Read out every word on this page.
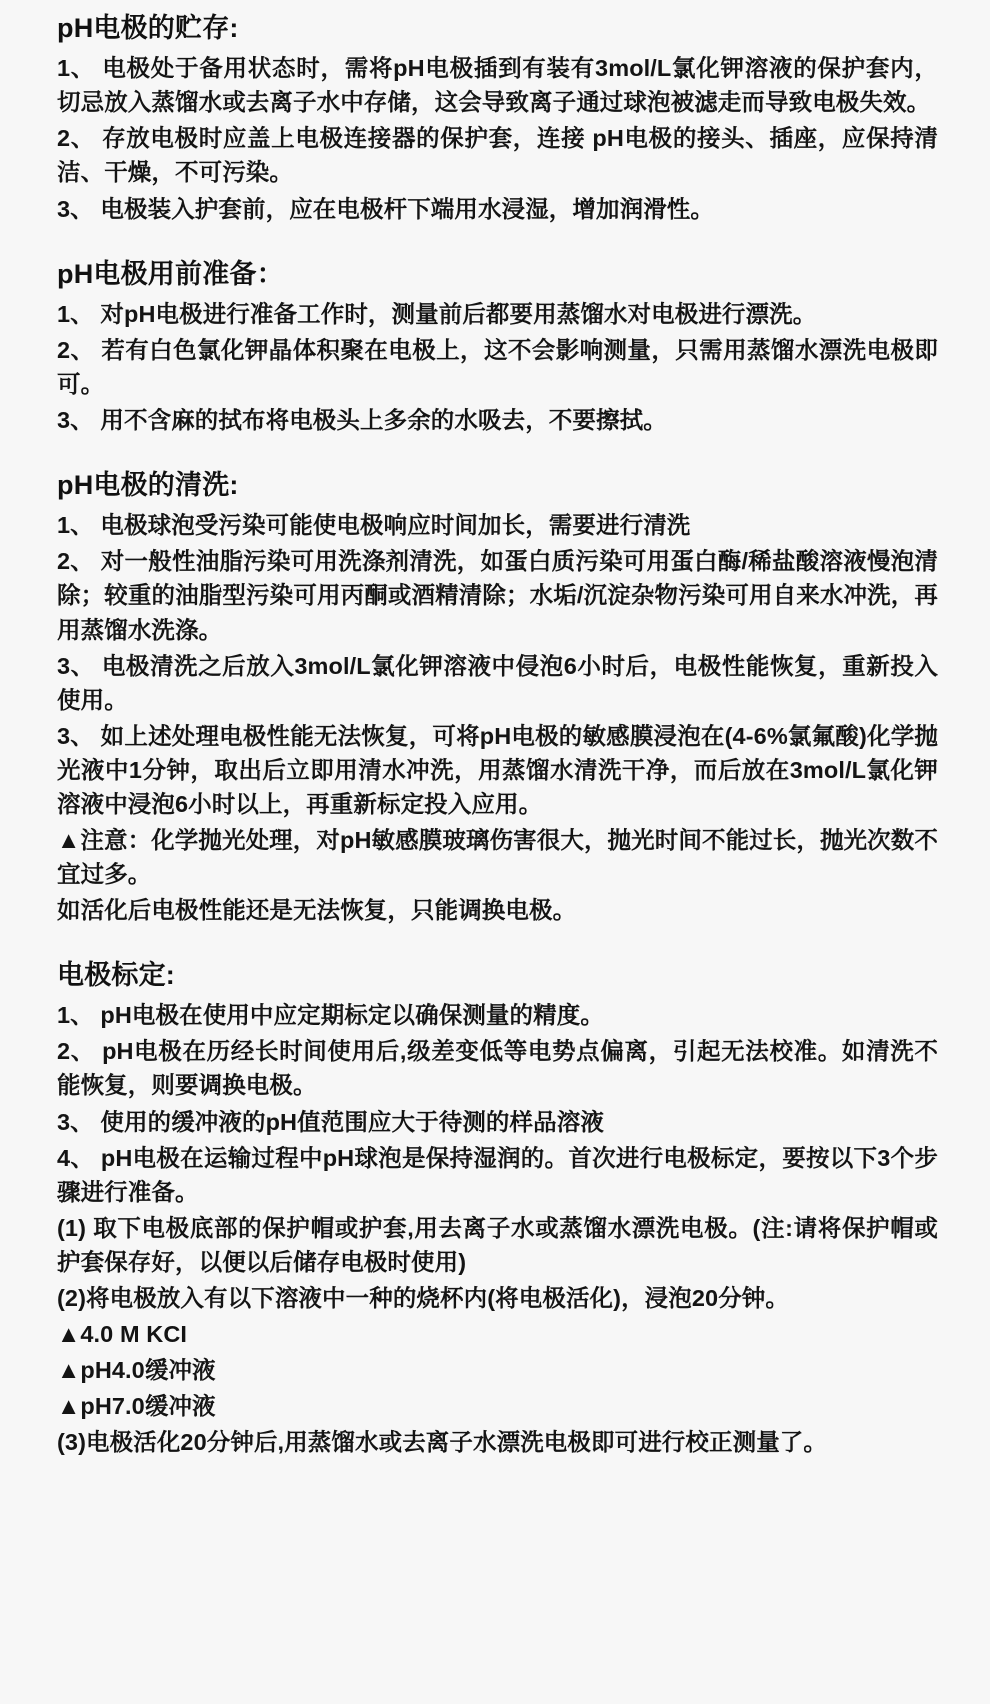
pH电极的贮存:

1、 电极处于备用状态时，需将pH电极插到有装有3mol/L氯化钾溶液的保护套内，切忌放入蒸馏水或去离子水中存储，这会导致离子通过球泡被滤走而导致电极失效。

2、 存放电极时应盖上电极连接器的保护套，连接 pH电极的接头、插座，应保持清洁、干燥，不可污染。

3、 电极装入护套前，应在电极杆下端用水浸湿，增加润滑性。

pH电极用前准备：

1、 对pH电极进行准备工作时，测量前后都要用蒸馏水对电极进行漂洗。

2、 若有白色氯化钾晶体积聚在电极上，这不会影响测量，只需用蒸馏水漂洗电极即可。

3、 用不含麻的拭布将电极头上多余的水吸去，不要擦拭。

pH电极的清洗:

1、 电极球泡受污染可能使电极响应时间加长，需要进行清洗

2、 对一般性油脂污染可用洗涤剂清洗，如蛋白质污染可用蛋白酶/稀盐酸溶液慢泡清除；较重的油脂型污染可用丙酮或酒精清除；水垢/沉淀杂物污染可用自来水冲洗，再用蒸馏水洗涤。

3、 电极清洗之后放入3mol/L氯化钾溶液中侵泡6小时后，电极性能恢复，重新投入使用。

3、 如上述处理电极性能无法恢复，可将pH电极的敏感膜浸泡在(4-6%氯氟酸)化学抛光液中1分钟，取出后立即用清水冲洗，用蒸馏水清洗干净，而后放在3mol/L氯化钾溶液中浸泡6小时以上，再重新标定投入应用。

▲注意：化学抛光处理，对pH敏感膜玻璃伤害很大，抛光时间不能过长，抛光次数不宜过多。

如活化后电极性能还是无法恢复，只能调换电极。

电极标定:

1、 pH电极在使用中应定期标定以确保测量的精度。

2、 pH电极在历经长时间使用后,级差变低等电势点偏离，引起无法校准。如清洗不能恢复，则要调换电极。

3、 使用的缓冲液的pH值范围应大于待测的样品溶液

4、 pH电极在运输过程中pH球泡是保持湿润的。首次进行电极标定，要按以下3个步骤进行准备。

(1) 取下电极底部的保护帽或护套,用去离子水或蒸馏水漂洗电极。(注:请将保护帽或护套保存好，以便以后储存电极时使用)

(2)将电极放入有以下溶液中一种的烧杯内(将电极活化)，浸泡20分钟。

▲4.0 M KCI

▲pH4.0缓冲液

▲pH7.0缓冲液

(3)电极活化20分钟后,用蒸馏水或去离子水漂洗电极即可进行校正测量了。
